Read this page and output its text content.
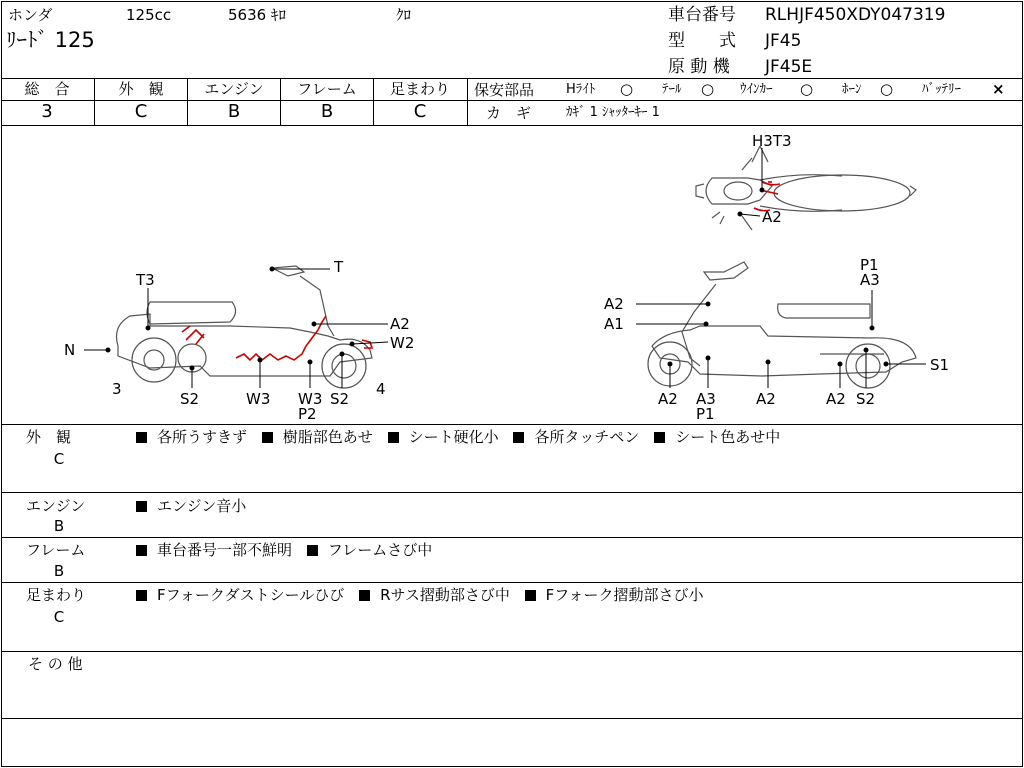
ホンダ	125cc	5636 ｷﾛ	ｸﾛ
ﾘｰﾄﾞ 125
車台番号 RLHJF450XDY047319
型　　式 JF45
原 動 機 JF45E
総　合
3
外　観
C
エンジン
B
フレーム
B
足まわり
C
保安部品 Hﾗｲﾄ ○ ﾃｰﾙ ○ ｳｲﾝｶｰ ○ ﾎｰﾝ ○ ﾊﾞｯﾃﾘｰ ×
カ　ギ	ｶｷﾞ 1 ｼｬｯﾀｰｷｰ 1
H3T3
A2
T
T3
A2
W2
N
3	4
S2	W3 W3
P2
S2
P1
A3
A2
A1
S1
A2 A3
P1
A2	A2 S2
外　観
C
各所うすきず 樹脂部色あせ シート硬化小 各所タッチペン シート色あせ中
エンジン
B
エンジン音小
フレーム
B
車台番号一部不鮮明 フレームさび中
足まわり
C
Fフォークダストシールひび Rサス摺動部さび中 Fフォーク摺動部さび小
そ の 他
